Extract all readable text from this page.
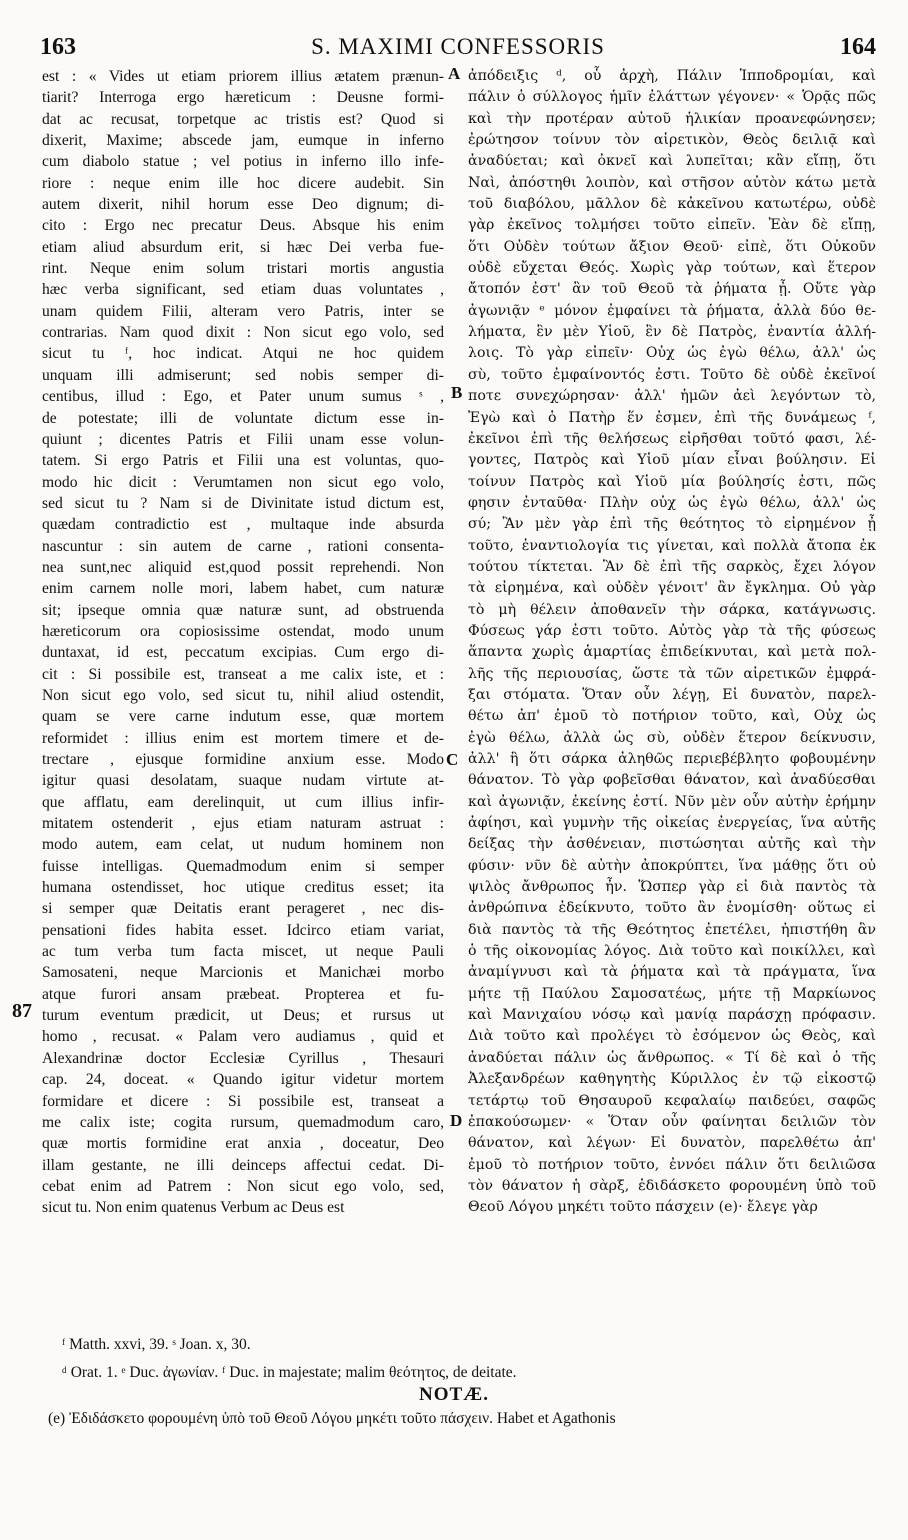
163	S. MAXIMI CONFESSORIS	164
est : « Vides ut etiam priorem illius ætatem prænun-
tiarit? Interroga ergo hæreticum : Deusne formi-
dat ac recusat, torpetque ac tristis est? Quod si
dixerit, Maxime; abscede jam, eumque in inferno
cum diabolo statue ; vel potius in inferno illo infe-
riore : neque enim ille hoc dicere audebit. Sin
autem dixerit, nihil horum esse Deo dignum; di-
cito : Ergo nec precatur Deus. Absque his enim
etiam aliud absurdum erit, si hæc Dei verba fue-
rint. Neque enim solum tristari mortis angustia
hæc verba significant, sed etiam duas voluntates ,
unam quidem Filii, alteram vero Patris, inter se
contrarias. Nam quod dixit : Non sicut ego volo, sed
sicut tu ᶠ, hoc indicat. Atqui ne hoc quidem
unquam illi admiserunt; sed nobis semper di-
centibus, illud : Ego, et Pater unum sumus ˢ ,
de potestate; illi de voluntate dictum esse in-
quiunt ; dicentes Patris et Filii unam esse volun-
tatem. Si ergo Patris et Filii una est voluntas, quo-
modo hic dicit : Verumtamen non sicut ego volo,
sed sicut tu ? Nam si de Divinitate istud dictum est,
quædam contradictio est , multaque inde absurda
nascuntur : sin autem de carne , rationi consenta-
nea sunt,nec aliquid est,quod possit reprehendi. Non
enim carnem nolle mori, labem habet, cum naturæ
sit; ipseque omnia quæ naturæ sunt, ad obstruenda
hæreticorum ora copiosissime ostendat, modo unum
duntaxat, id est, peccatum excipias. Cum ergo di-
cit : Si possibile est, transeat a me calix iste, et :
Non sicut ego volo, sed sicut tu, nihil aliud ostendit,
quam se vere carne indutum esse, quæ mortem
reformidet : illius enim est mortem timere et de-
trectare , ejusque formidine anxium esse. Modo
igitur quasi desolatam, suaque nudam virtute at-
que afflatu, eam derelinquit, ut cum illius infir-
mitatem ostenderit , ejus etiam naturam astruat :
modo autem, eam celat, ut nudum hominem non
fuisse intelligas. Quemadmodum enim si semper
humana ostendisset, hoc utique creditus esset; ita
si semper quæ Deitatis erant perageret , nec dis-
pensationi fides habita esset. Idcirco etiam variat,
ac tum verba tum facta miscet, ut neque Pauli
Samosateni, neque Marcionis et Manichæi morbo
atque furori ansam præbeat. Propterea et fu-
turum eventum prædicit, ut Deus; et rursus ut
homo , recusat. « Palam vero audiamus , quid et
Alexandrinæ doctor Ecclesiæ Cyrillus , Thesauri
cap. 24, doceat. « Quando igitur videtur mortem
formidare et dicere : Si possibile est, transeat a
me calix iste; cogita rursum, quemadmodum caro,
quæ mortis formidine erat anxia , doceatur, Deo
illam gestante, ne illi deinceps affectui cedat. Di-
cebat enim ad Patrem : Non sicut ego volo, sed,
sicut tu. Non enim quatenus Verbum ac Deus est
ἀπόδειξις ᵈ, οὗ ἀρχὴ, Πάλιν Ἱπποδρομίαι, καὶ
πάλιν ὁ σύλλογος ἡμῖν ἐλάττων γέγονεν· « Ὁρᾷς πῶς
καὶ τὴν προτέραν αὐτοῦ ἡλικίαν προανεφώνησεν;
ἐρώτησον τοίνυν τὸν αἱρετικὸν, Θεὸς δειλιᾷ καὶ
ἀναδύεται; καὶ ὀκνεῖ καὶ λυπεῖται; κἂν εἴπῃ, ὅτι
Ναὶ, ἀπόστηθι λοιπὸν, καὶ στῆσον αὐτὸν κάτω μετὰ
τοῦ διαβόλου, μᾶλλον δὲ κἀκεῖνου κατωτέρω, οὐδὲ
γὰρ ἐκεῖνος τολμήσει τοῦτο εἰπεῖν. Ἐὰν δὲ εἴπῃ,
ὅτι Οὐδὲν τούτων ἄξιον Θεοῦ· εἰπὲ, ὅτι Οὐκοῦν
οὐδὲ εὔχεται Θεός. Χωρὶς γὰρ τούτων, καὶ ἕτερον
ἄτοπόν ἐστ' ἂν τοῦ Θεοῦ τὰ ῥήματα ᾖ. Οὔτε γὰρ
ἀγωνιᾷν ᵉ μόνον ἐμφαίνει τὰ ῥήματα, ἀλλὰ δύο θε-
λήματα, ἓν μὲν Υἱοῦ, ἓν δὲ Πατρὸς, ἐναντία ἀλλή-
λοις. Τὸ γὰρ εἰπεῖν· Οὐχ ὡς ἐγὼ θέλω, ἀλλ' ὡς
σὺ, τοῦτο ἐμφαίνοντός ἐστι. Τοῦτο δὲ οὐδὲ ἐκεῖνοί
ποτε συνεχώρησαν· ἀλλ' ἡμῶν ἀεὶ λεγόντων τὸ,
Ἐγὼ καὶ ὁ Πατὴρ ἕν ἐσμεν, ἐπὶ τῆς δυνάμεως ᶠ,
ἐκεῖνοι ἐπὶ τῆς θελήσεως εἰρῆσθαι τοῦτό φασι, λέ-
γοντες, Πατρὸς καὶ Υἱοῦ μίαν εἶναι βούλησιν. Εἰ
τοίνυν Πατρὸς καὶ Υἱοῦ μία βούλησίς ἐστι, πῶς
φησιν ἐνταῦθα· Πλὴν οὐχ ὡς ἐγὼ θέλω, ἀλλ' ὡς
σύ; Ἂν μὲν γὰρ ἐπὶ τῆς θεότητος τὸ εἰρημένον ᾖ
τοῦτο, ἐναντιολογία τις γίνεται, καὶ πολλὰ ἄτοπα ἐκ
τούτου τίκτεται. Ἂν δὲ ἐπὶ τῆς σαρκὸς, ἔχει λόγον
τὰ εἰρημένα, καὶ οὐδὲν γένοιτ' ἂν ἔγκλημα. Οὐ γὰρ
τὸ μὴ θέλειν ἀποθανεῖν τὴν σάρκα, κατάγνωσις.
Φύσεως γάρ ἐστι τοῦτο. Αὐτὸς γὰρ τὰ τῆς φύσεως
ἅπαντα χωρὶς ἁμαρτίας ἐπιδείκνυται, καὶ μετὰ πολ-
λῆς τῆς περιουσίας, ὥστε τὰ τῶν αἱρετικῶν ἐμφρά-
ξαι στόματα. Ὅταν οὖν λέγῃ, Εἰ δυνατὸν, παρελ-
θέτω ἀπ' ἐμοῦ τὸ ποτήριον τοῦτο, καὶ, Οὐχ ὡς
ἐγὼ θέλω, ἀλλὰ ὡς σὺ, οὐδὲν ἕτερον δείκνυσιν,
ἀλλ' ἢ ὅτι σάρκα ἀληθῶς περιεβέβλητο φοβουμένην
θάνατον. Τὸ γὰρ φοβεῖσθαι θάνατον, καὶ ἀναδύεσθαι
καὶ ἀγωνιᾷν, ἐκείνης ἐστί. Νῦν μὲν οὖν αὐτὴν ἐρήμην
ἀφίησι, καὶ γυμνὴν τῆς οἰκείας ἐνεργείας, ἵνα αὐτῆς
δείξας τὴν ἀσθένειαν, πιστώσηται αὐτῆς καὶ τὴν
φύσιν· νῦν δὲ αὐτὴν ἀποκρύπτει, ἵνα μάθῃς ὅτι οὐ
ψιλὸς ἄνθρωπος ἦν. Ὥσπερ γὰρ εἰ διὰ παντὸς τὰ
ἀνθρώπινα ἐδείκνυτο, τοῦτο ἂν ἐνομίσθη· οὕτως εἰ
διὰ παντὸς τὰ τῆς Θεότητος ἐπετέλει, ἠπιστήθη ἂν
ὁ τῆς οἰκονομίας λόγος. Διὰ τοῦτο καὶ ποικίλλει, καὶ
ἀναμίγνυσι καὶ τὰ ῥήματα καὶ τὰ πράγματα, ἵνα
μήτε τῇ Παύλου Σαμοσατέως, μήτε τῇ Μαρκίωνος
καὶ Μανιχαίου νόσῳ καὶ μανίᾳ παράσχῃ πρόφασιν.
Διὰ τοῦτο καὶ προλέγει τὸ ἐσόμενον ὡς Θεὸς, καὶ
ἀναδύεται πάλιν ὡς ἄνθρωπος. « Τί δὲ καὶ ὁ τῆς
Ἀλεξανδρέων καθηγητὴς Κύριλλος ἐν τῷ εἰκοστῷ
τετάρτῳ τοῦ Θησαυροῦ κεφαλαίῳ παιδεύει, σαφῶς
ἐπακούσωμεν· « Ὅταν οὖν φαίνηται δειλιῶν τὸν
θάνατον, καὶ λέγων· Εἰ δυνατὸν, παρελθέτω ἀπ'
ἐμοῦ τὸ ποτήριον τοῦτο, ἐννόει πάλιν ὅτι δειλιῶσα
τὸν θάνατον ἡ σὰρξ, ἐδιδάσκετο φορουμένη ὑπὸ τοῦ
Θεοῦ Λόγου μηκέτι τοῦτο πάσχειν (e)· ἔλεγε γὰρ
A
B
C
D
87
ᶠ Matth. xxvi, 39. ˢ Joan. x, 30.
ᵈ Orat. 1. ᵉ Duc. ἀγωνίαν. ᶠ Duc. in majestate; malim θεότητος, de deitate.
NOTÆ.
(e) Ἐδιδάσκετο φορουμένη ὑπὸ τοῦ Θεοῦ Λόγου μηκέτι τοῦτο πάσχειν. Habet et Agathonis
